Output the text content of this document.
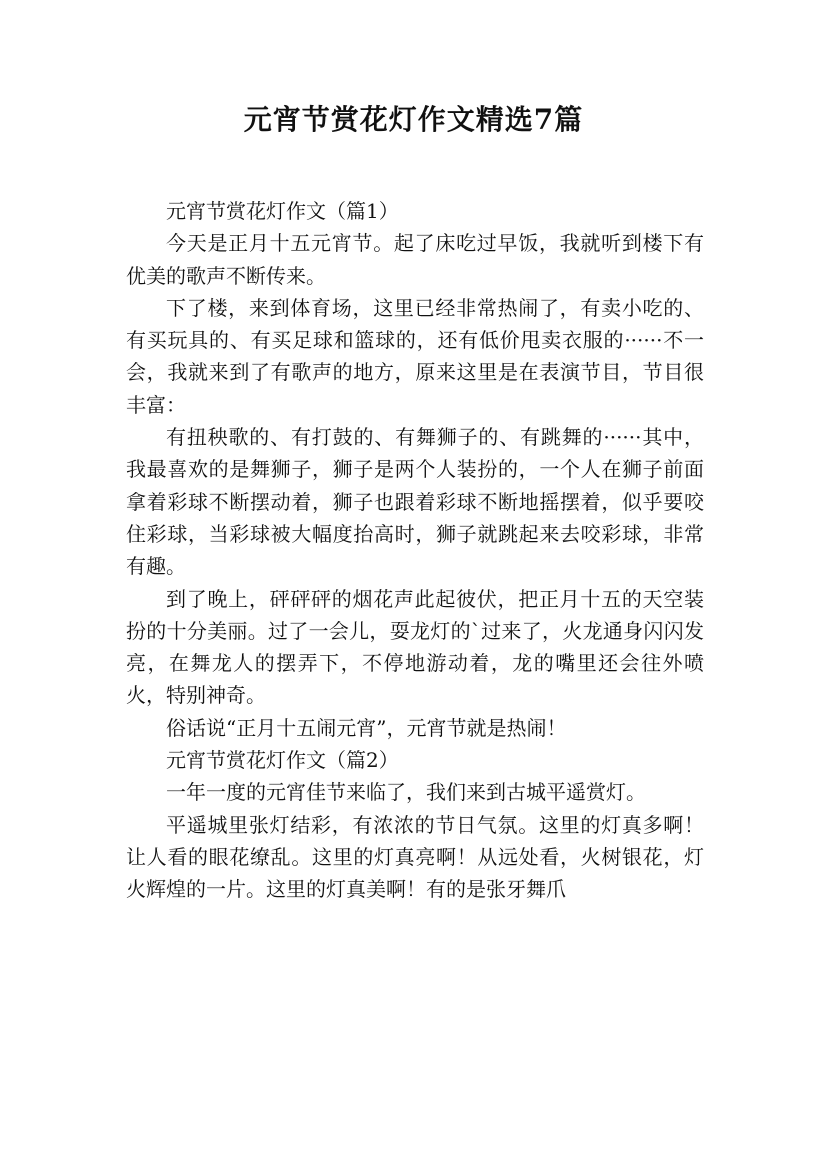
元宵节赏花灯作文精选7篇

元宵节赏花灯作文（篇1）

今天是正月十五元宵节。起了床吃过早饭，我就听到楼下有优美的歌声不断传来。

下了楼，来到体育场，这里已经非常热闹了，有卖小吃的、有买玩具的、有买足球和篮球的，还有低价甩卖衣服的······不一会，我就来到了有歌声的地方，原来这里是在表演节目，节目很丰富：

有扭秧歌的、有打鼓的、有舞狮子的、有跳舞的······其中，我最喜欢的是舞狮子，狮子是两个人装扮的，一个人在狮子前面拿着彩球不断摆动着，狮子也跟着彩球不断地摇摆着，似乎要咬住彩球，当彩球被大幅度抬高时，狮子就跳起来去咬彩球，非常有趣。

到了晚上，砰砰砰的烟花声此起彼伏，把正月十五的天空装扮的十分美丽。过了一会儿，耍龙灯的`过来了，火龙通身闪闪发亮，在舞龙人的摆弄下，不停地游动着，龙的嘴里还会往外喷火，特别神奇。

俗话说“正月十五闹元宵”，元宵节就是热闹！

元宵节赏花灯作文（篇2）

一年一度的元宵佳节来临了，我们来到古城平遥赏灯。

平遥城里张灯结彩，有浓浓的节日气氛。这里的灯真多啊！让人看的眼花缭乱。这里的灯真亮啊！从远处看，火树银花，灯火辉煌的一片。这里的灯真美啊！有的是张牙舞爪
